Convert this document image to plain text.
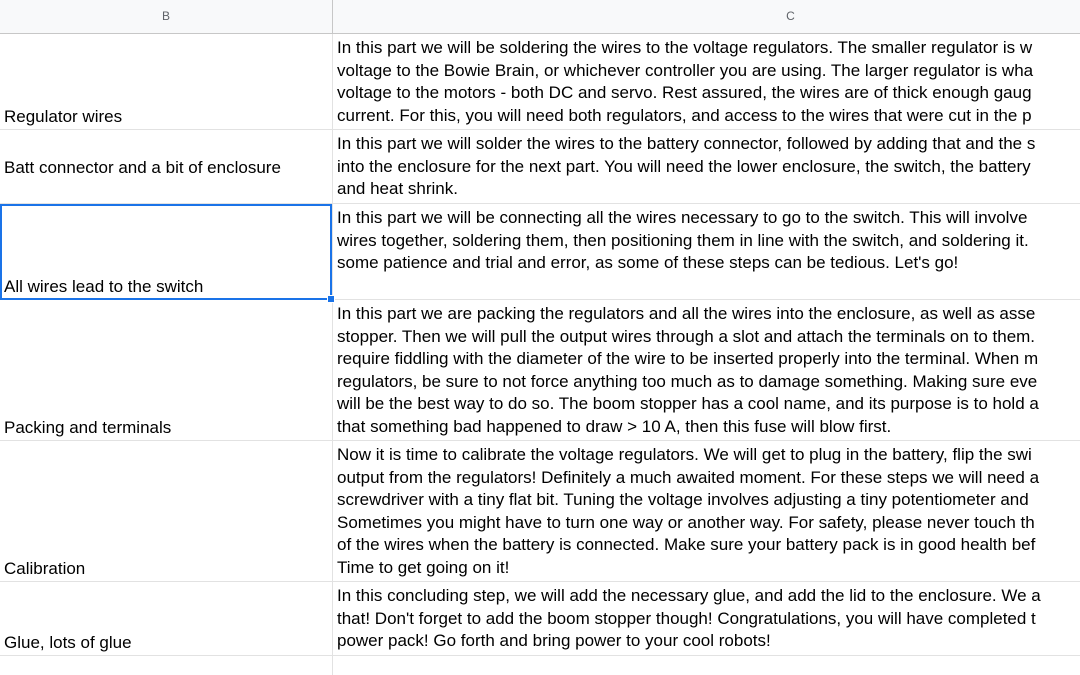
B	C
Regulator wires
In this part we will be soldering the wires to the voltage regulators. The smaller regulator is w
voltage to the Bowie Brain, or whichever controller you are using. The larger regulator is wha
voltage to the motors - both DC and servo. Rest assured, the wires are of thick enough gaug
current. For this, you will need both regulators, and access to the wires that were cut in the p
Batt connector and a bit of enclosure
In this part we will solder the wires to the battery connector, followed by adding that and the s
into the enclosure for the next part. You will need the lower enclosure, the switch, the battery
and heat shrink.
All wires lead to the switch
In this part we will be connecting all the wires necessary to go to the switch. This will involve
wires together, soldering them, then positioning them in line with the switch, and soldering it.
some patience and trial and error, as some of these steps can be tedious. Let's go!
Packing and terminals
In this part we are packing the regulators and all the wires into the enclosure, as well as asse
stopper. Then we will pull the output wires through a slot and attach the terminals on to them.
require fiddling with the diameter of the wire to be inserted properly into the terminal. When m
regulators, be sure to not force anything too much as to damage something. Making sure eve
will be the best way to do so. The boom stopper has a cool name, and its purpose is to hold a
that something bad happened to draw > 10 A, then this fuse will blow first.
Calibration
Now it is time to calibrate the voltage regulators. We will get to plug in the battery, flip the swi
output from the regulators! Definitely a much awaited moment. For these steps we will need a
screwdriver with a tiny flat bit. Tuning the voltage involves adjusting a tiny potentiometer and
Sometimes you might have to turn one way or another way. For safety, please never touch th
of the wires when the battery is connected. Make sure your battery pack is in good health bef
Time to get going on it!
Glue, lots of glue
In this concluding step, we will add the necessary glue, and add the lid to the enclosure. We a
that! Don't forget to add the boom stopper though! Congratulations, you will have completed t
power pack! Go forth and bring power to your cool robots!
